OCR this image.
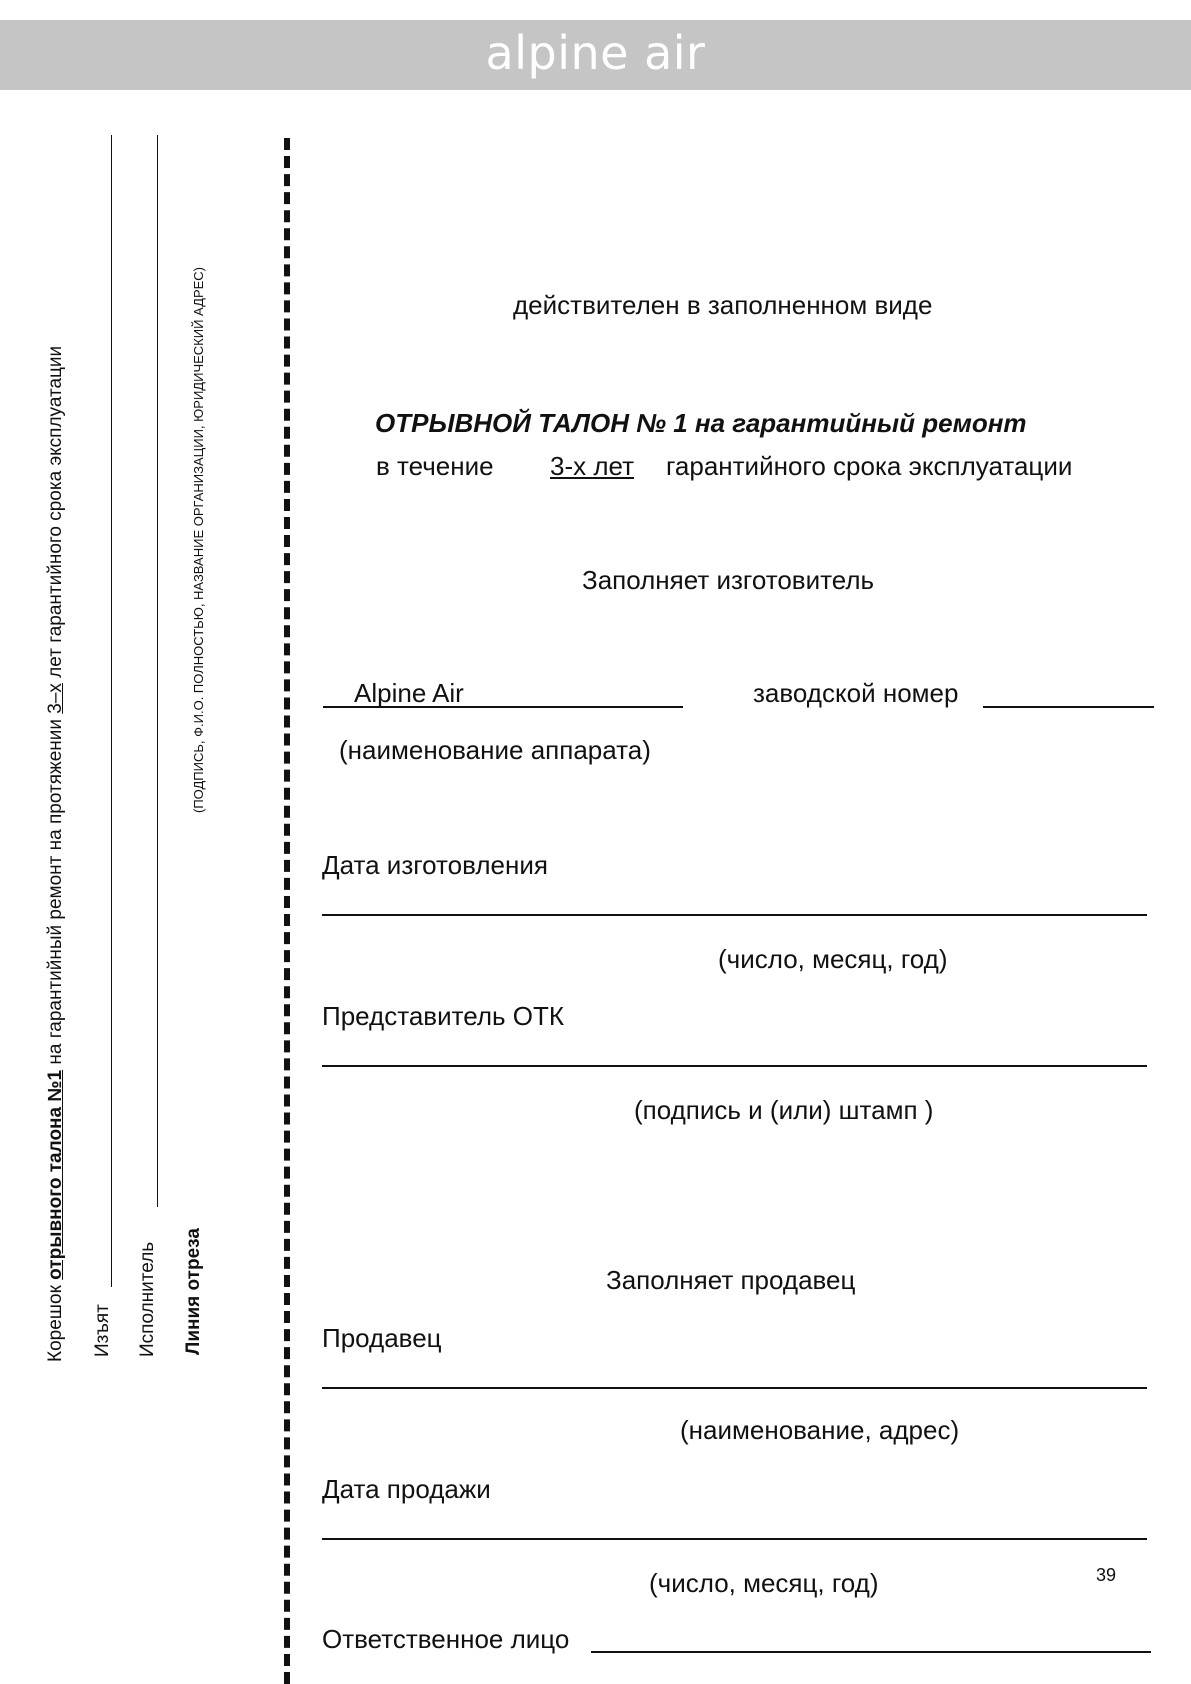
alpine air
Корешок отрывного талона №1 на гарантийный ремонт на протяжении 3–х лет гарантийного срока эксплуатации
Изъят Исполнитель
(ПОДПИСЬ, Ф.И.О. ПОЛНОСТЬЮ, НАЗВАНИЕ ОРГАНИЗАЦИИ, ЮРИДИЧЕСКИЙ АДРЕС)
Линия отреза
действителен в заполненном виде
ОТРЫВНОЙ ТАЛОН № 1 на гарантийный ремонт
в течение 3-х лет гарантийного срока эксплуатации
Заполняет изготовитель
Alpine Air	заводской номер
(наименование аппарата)
Дата изготовления
(число, месяц, год)
Представитель ОТК
(подпись и (или) штамп )
Заполняет продавец
Продавец
(наименование, адрес)
Дата продажи
(число, месяц, год)	39
Ответственное лицо
